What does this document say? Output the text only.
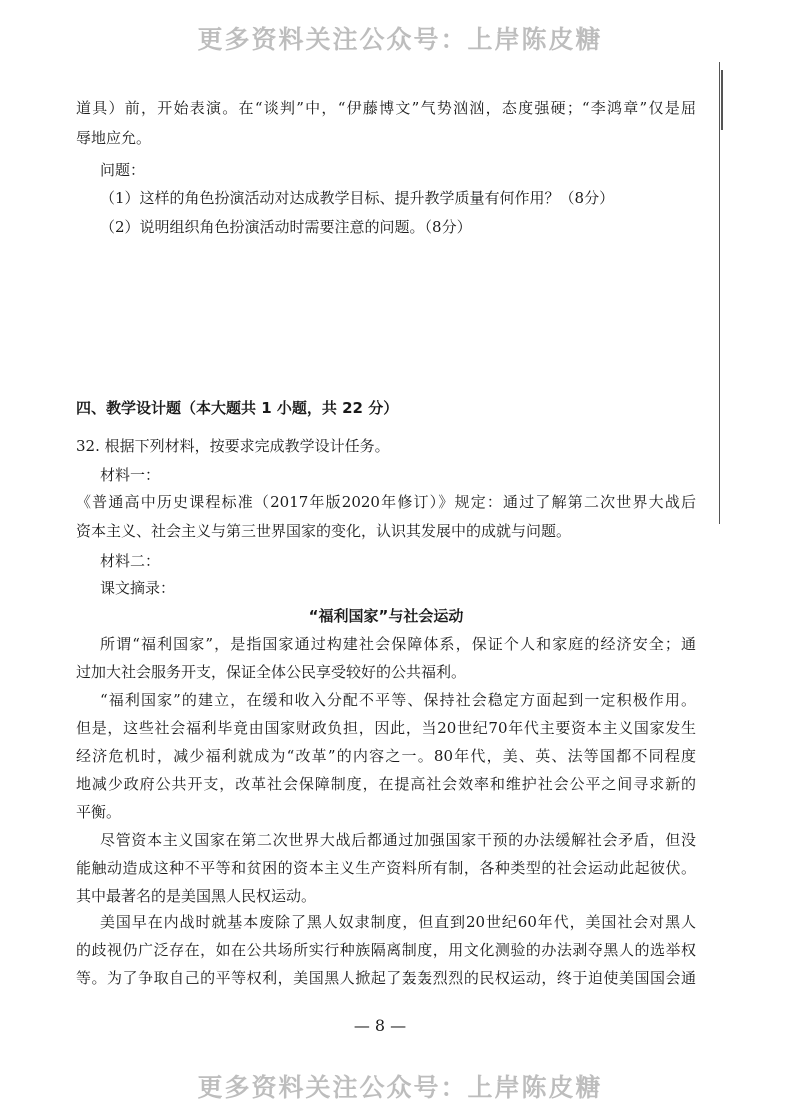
更多资料关注公众号：上岸陈皮糖
道具）前，开始表演。在“谈判”中，“伊藤博文”气势汹汹，态度强硬；“李鸿章”仅是屈
辱地应允。
问题：
（1）这样的角色扮演活动对达成教学目标、提升教学质量有何作用？（8分）
（2）说明组织角色扮演活动时需要注意的问题。（8分）
四、教学设计题（本大题共 1 小题，共 22 分）
32. 根据下列材料，按要求完成教学设计任务。
材料一：
《普通高中历史课程标准（2017年版2020年修订）》规定：通过了解第二次世界大战后
资本主义、社会主义与第三世界国家的变化，认识其发展中的成就与问题。
材料二：
课文摘录：
“福利国家”与社会运动
所谓“福利国家”，是指国家通过构建社会保障体系，保证个人和家庭的经济安全；通
过加大社会服务开支，保证全体公民享受较好的公共福利。
“福利国家”的建立，在缓和收入分配不平等、保持社会稳定方面起到一定积极作用。
但是，这些社会福利毕竟由国家财政负担，因此，当20世纪70年代主要资本主义国家发生
经济危机时，减少福利就成为“改革”的内容之一。80年代，美、英、法等国都不同程度
地减少政府公共开支，改革社会保障制度，在提高社会效率和维护社会公平之间寻求新的
平衡。
尽管资本主义国家在第二次世界大战后都通过加强国家干预的办法缓解社会矛盾，但没
能触动造成这种不平等和贫困的资本主义生产资料所有制，各种类型的社会运动此起彼伏。
其中最著名的是美国黑人民权运动。
美国早在内战时就基本废除了黑人奴隶制度，但直到20世纪60年代，美国社会对黑人
的歧视仍广泛存在，如在公共场所实行种族隔离制度，用文化测验的办法剥夺黑人的选举权
等。为了争取自己的平等权利，美国黑人掀起了轰轰烈烈的民权运动，终于迫使美国国会通
— 8 —
更多资料关注公众号：上岸陈皮糖
